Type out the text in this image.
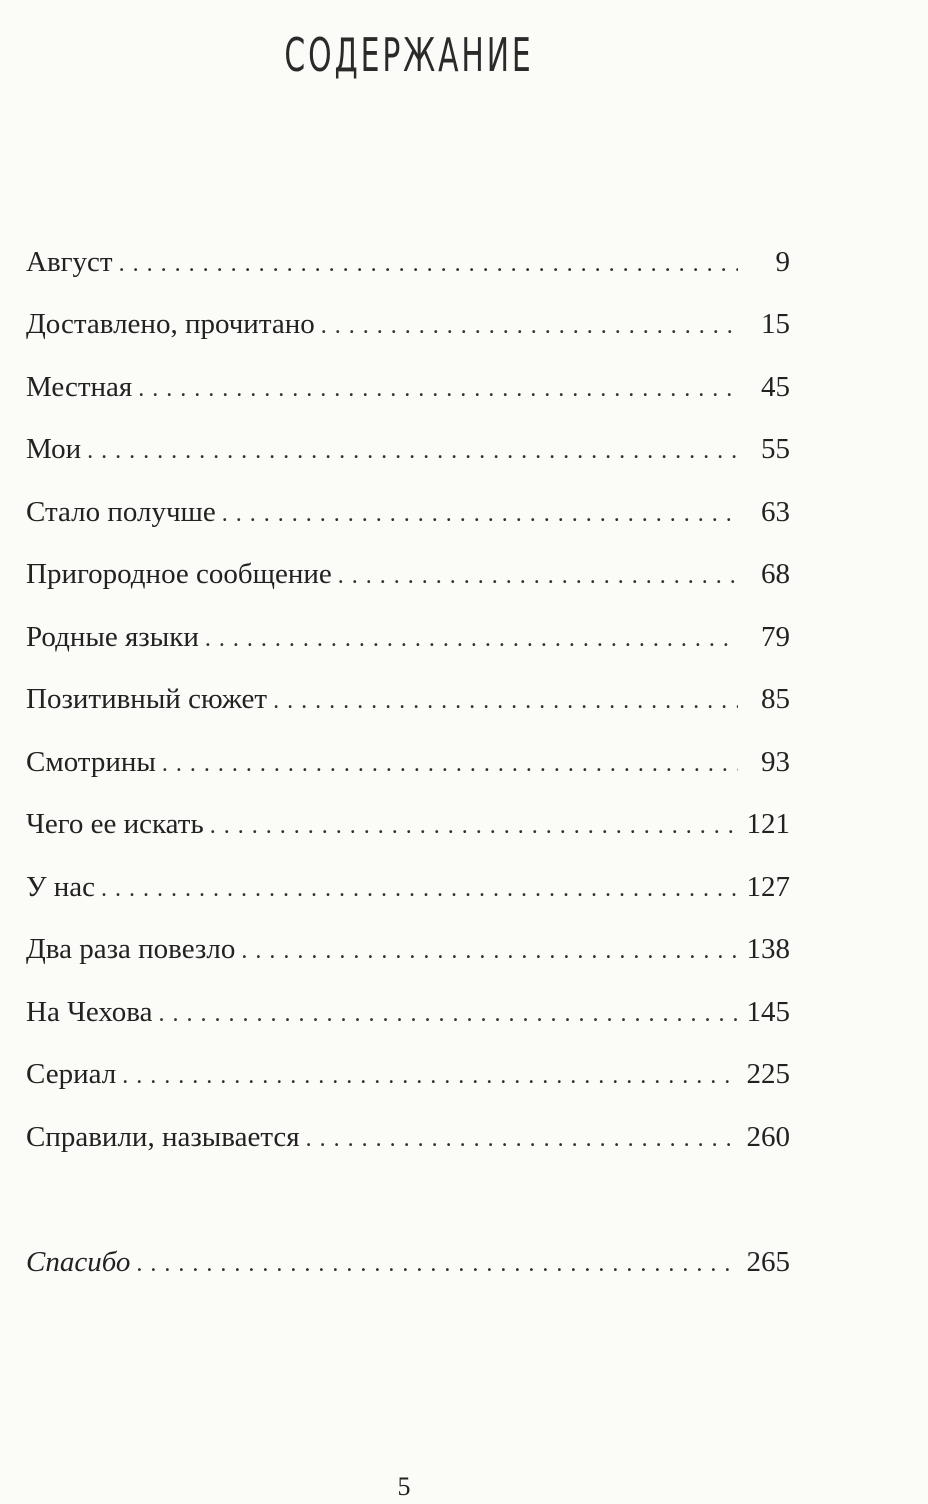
СОДЕРЖАНИЕ
Август . . .	9
Доставлено, прочитано . . .	15
Местная . . .	45
Мои . . .	55
Стало получше . . .	63
Пригородное сообщение . . .	68
Родные языки . . .	79
Позитивный сюжет . . .	85
Смотрины . . .	93
Чего ее искать . . .	121
У нас . . .	127
Два раза повезло . . .	138
На Чехова . . .	145
Сериал . . .	225
Справили, называется . . .	260
Спасибо . . .	265
5
